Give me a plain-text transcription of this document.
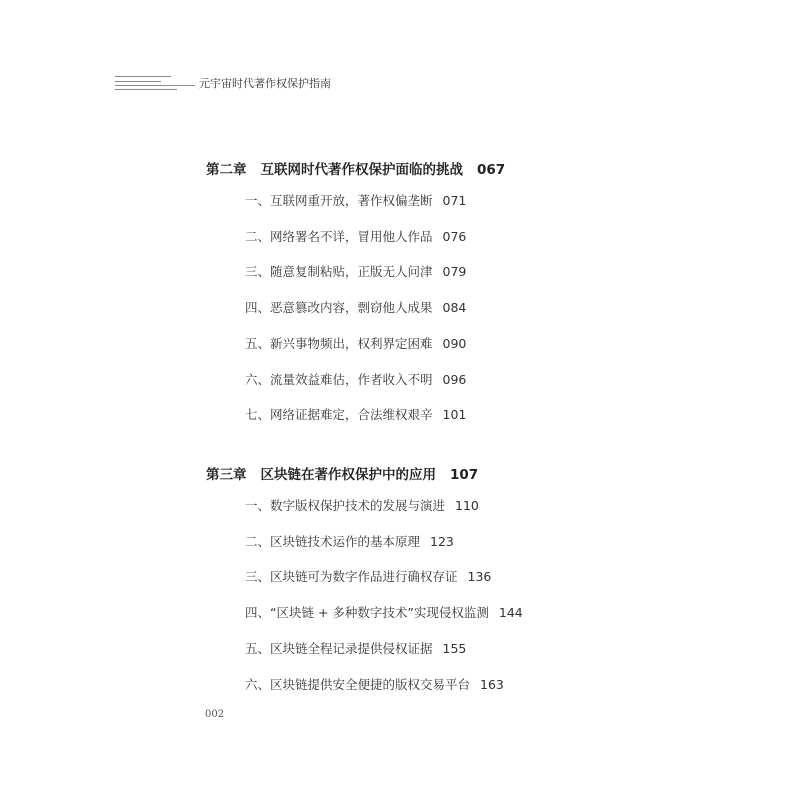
元宇宙时代著作权保护指南
第二章 互联网时代著作权保护面临的挑战 067
一、互联网重开放，著作权偏垄断 071
二、网络署名不详，冒用他人作品 076
三、随意复制粘贴，正版无人问津 079
四、恶意篡改内容，剽窃他人成果 084
五、新兴事物频出，权利界定困难 090
六、流量效益难估，作者收入不明 096
七、网络证据难定，合法维权艰辛 101
第三章 区块链在著作权保护中的应用 107
一、数字版权保护技术的发展与演进 110
二、区块链技术运作的基本原理 123
三、区块链可为数字作品进行确权存证 136
四、“区块链 + 多种数字技术”实现侵权监测 144
五、区块链全程记录提供侵权证据 155
六、区块链提供安全便捷的版权交易平台 163
002
